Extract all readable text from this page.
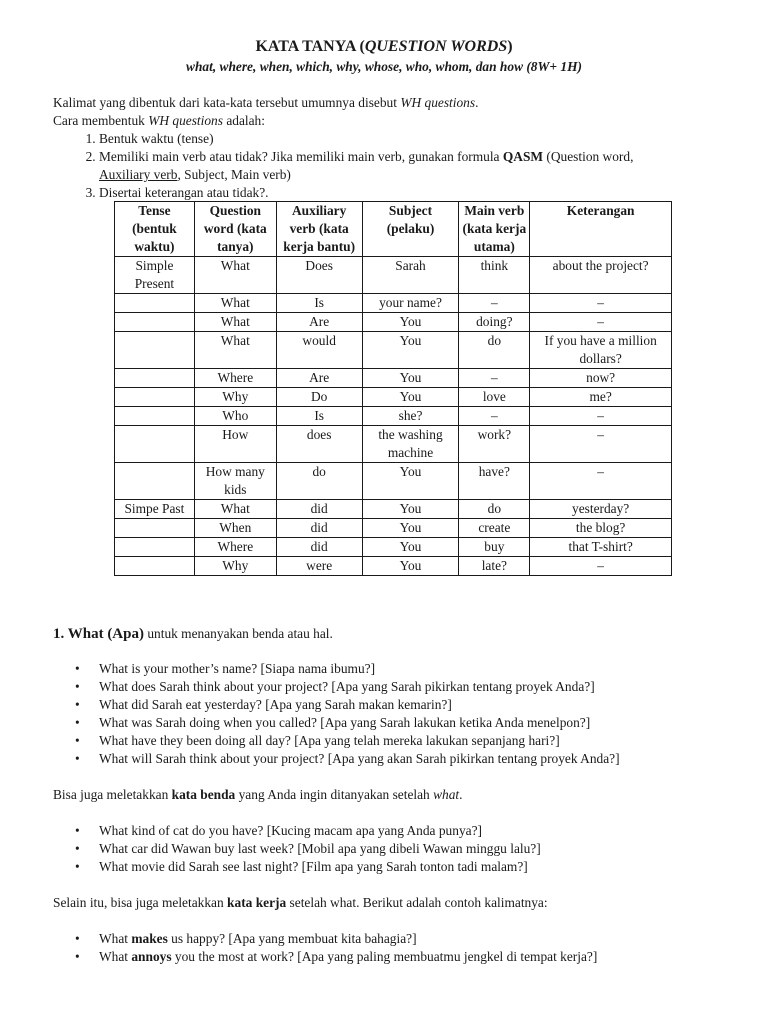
KATA TANYA (QUESTION WORDS)
what, where, when, which, why, whose, who, whom, dan how (8W+ 1H)

Kalimat yang dibentuk dari kata-kata tersebut umumnya disebut WH questions.

Cara membentuk WH questions adalah:

1. Bentuk waktu (tense)
2. Memiliki main verb atau tidak? Jika memiliki main verb, gunakan formula QASM (Question word,
Auxiliary verb, Subject, Main verb)
3. Disertai keterangan atau tidak?.
Tense (bentuk waktu)	Question word (kata tanya)	Auxiliary verb (kata kerja bantu)	Subject (pelaku)	Main verb (kata kerja utama)	Keterangan
Simple Present	What	Does	Sarah	think	about the project?
	What	Is	your name?	–	–
	What	Are	You	doing?	–
	What	would	You	do	If you have a million dollars?
	Where	Are	You	–	now?
	Why	Do	You	love	me?
	Who	Is	she?	–	–
	How	does	the washing machine	work?	–
	How many kids	do	You	have?	–
Simpe Past	What	did	You	do	yesterday?
	When	did	You	create	the blog?
	Where	did	You	buy	that T-shirt?
	Why	were	You	late?	–

1. What (Apa) untuk menanyakan benda atau hal.

• What is your mother’s name? [Siapa nama ibumu?]
• What does Sarah think about your project? [Apa yang Sarah pikirkan tentang proyek Anda?]
• What did Sarah eat yesterday? [Apa yang Sarah makan kemarin?]
• What was Sarah doing when you called? [Apa yang Sarah lakukan ketika Anda menelpon?]
• What have they been doing all day? [Apa yang telah mereka lakukan sepanjang hari?]
• What will Sarah think about your project? [Apa yang akan Sarah pikirkan tentang proyek Anda?]

Bisa juga meletakkan kata benda yang Anda ingin ditanyakan setelah what.

• What kind of cat do you have? [Kucing macam apa yang Anda punya?]
• What car did Wawan buy last week? [Mobil apa yang dibeli Wawan minggu lalu?]
• What movie did Sarah see last night? [Film apa yang Sarah tonton tadi malam?]

Selain itu, bisa juga meletakkan kata kerja setelah what. Berikut adalah contoh kalimatnya:

• What makes us happy? [Apa yang membuat kita bahagia?]
• What annoys you the most at work? [Apa yang paling membuatmu jengkel di tempat kerja?]
